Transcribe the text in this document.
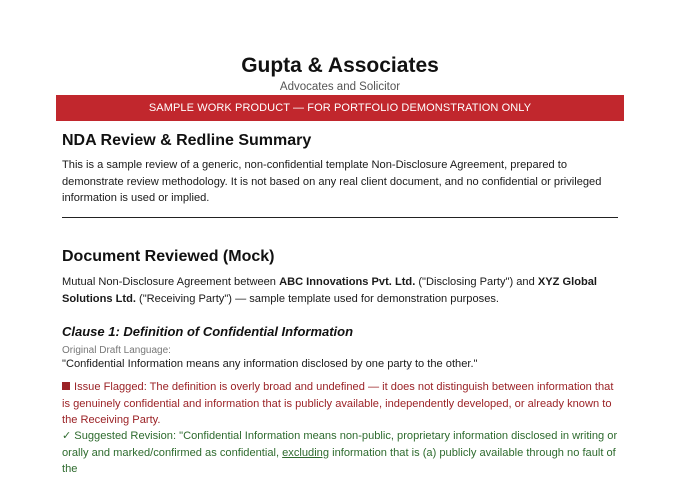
Gupta & Associates
Advocates and Solicitor
SAMPLE WORK PRODUCT — FOR PORTFOLIO DEMONSTRATION ONLY
NDA Review & Redline Summary
This is a sample review of a generic, non-confidential template Non-Disclosure Agreement, prepared to demonstrate review methodology. It is not based on any real client document, and no confidential or privileged information is used or implied.
Document Reviewed (Mock)
Mutual Non-Disclosure Agreement between ABC Innovations Pvt. Ltd. ("Disclosing Party") and XYZ Global Solutions Ltd. ("Receiving Party") — sample template used for demonstration purposes.
Clause 1: Definition of Confidential Information
Original Draft Language:
"Confidential Information means any information disclosed by one party to the other."
Issue Flagged: The definition is overly broad and undefined — it does not distinguish between information that is genuinely confidential and information that is publicly available, independently developed, or already known to the Receiving Party.
✓ Suggested Revision: "Confidential Information means non-public, proprietary information disclosed in writing or orally and marked/confirmed as confidential, excluding information that is (a) publicly available through no fault of the
